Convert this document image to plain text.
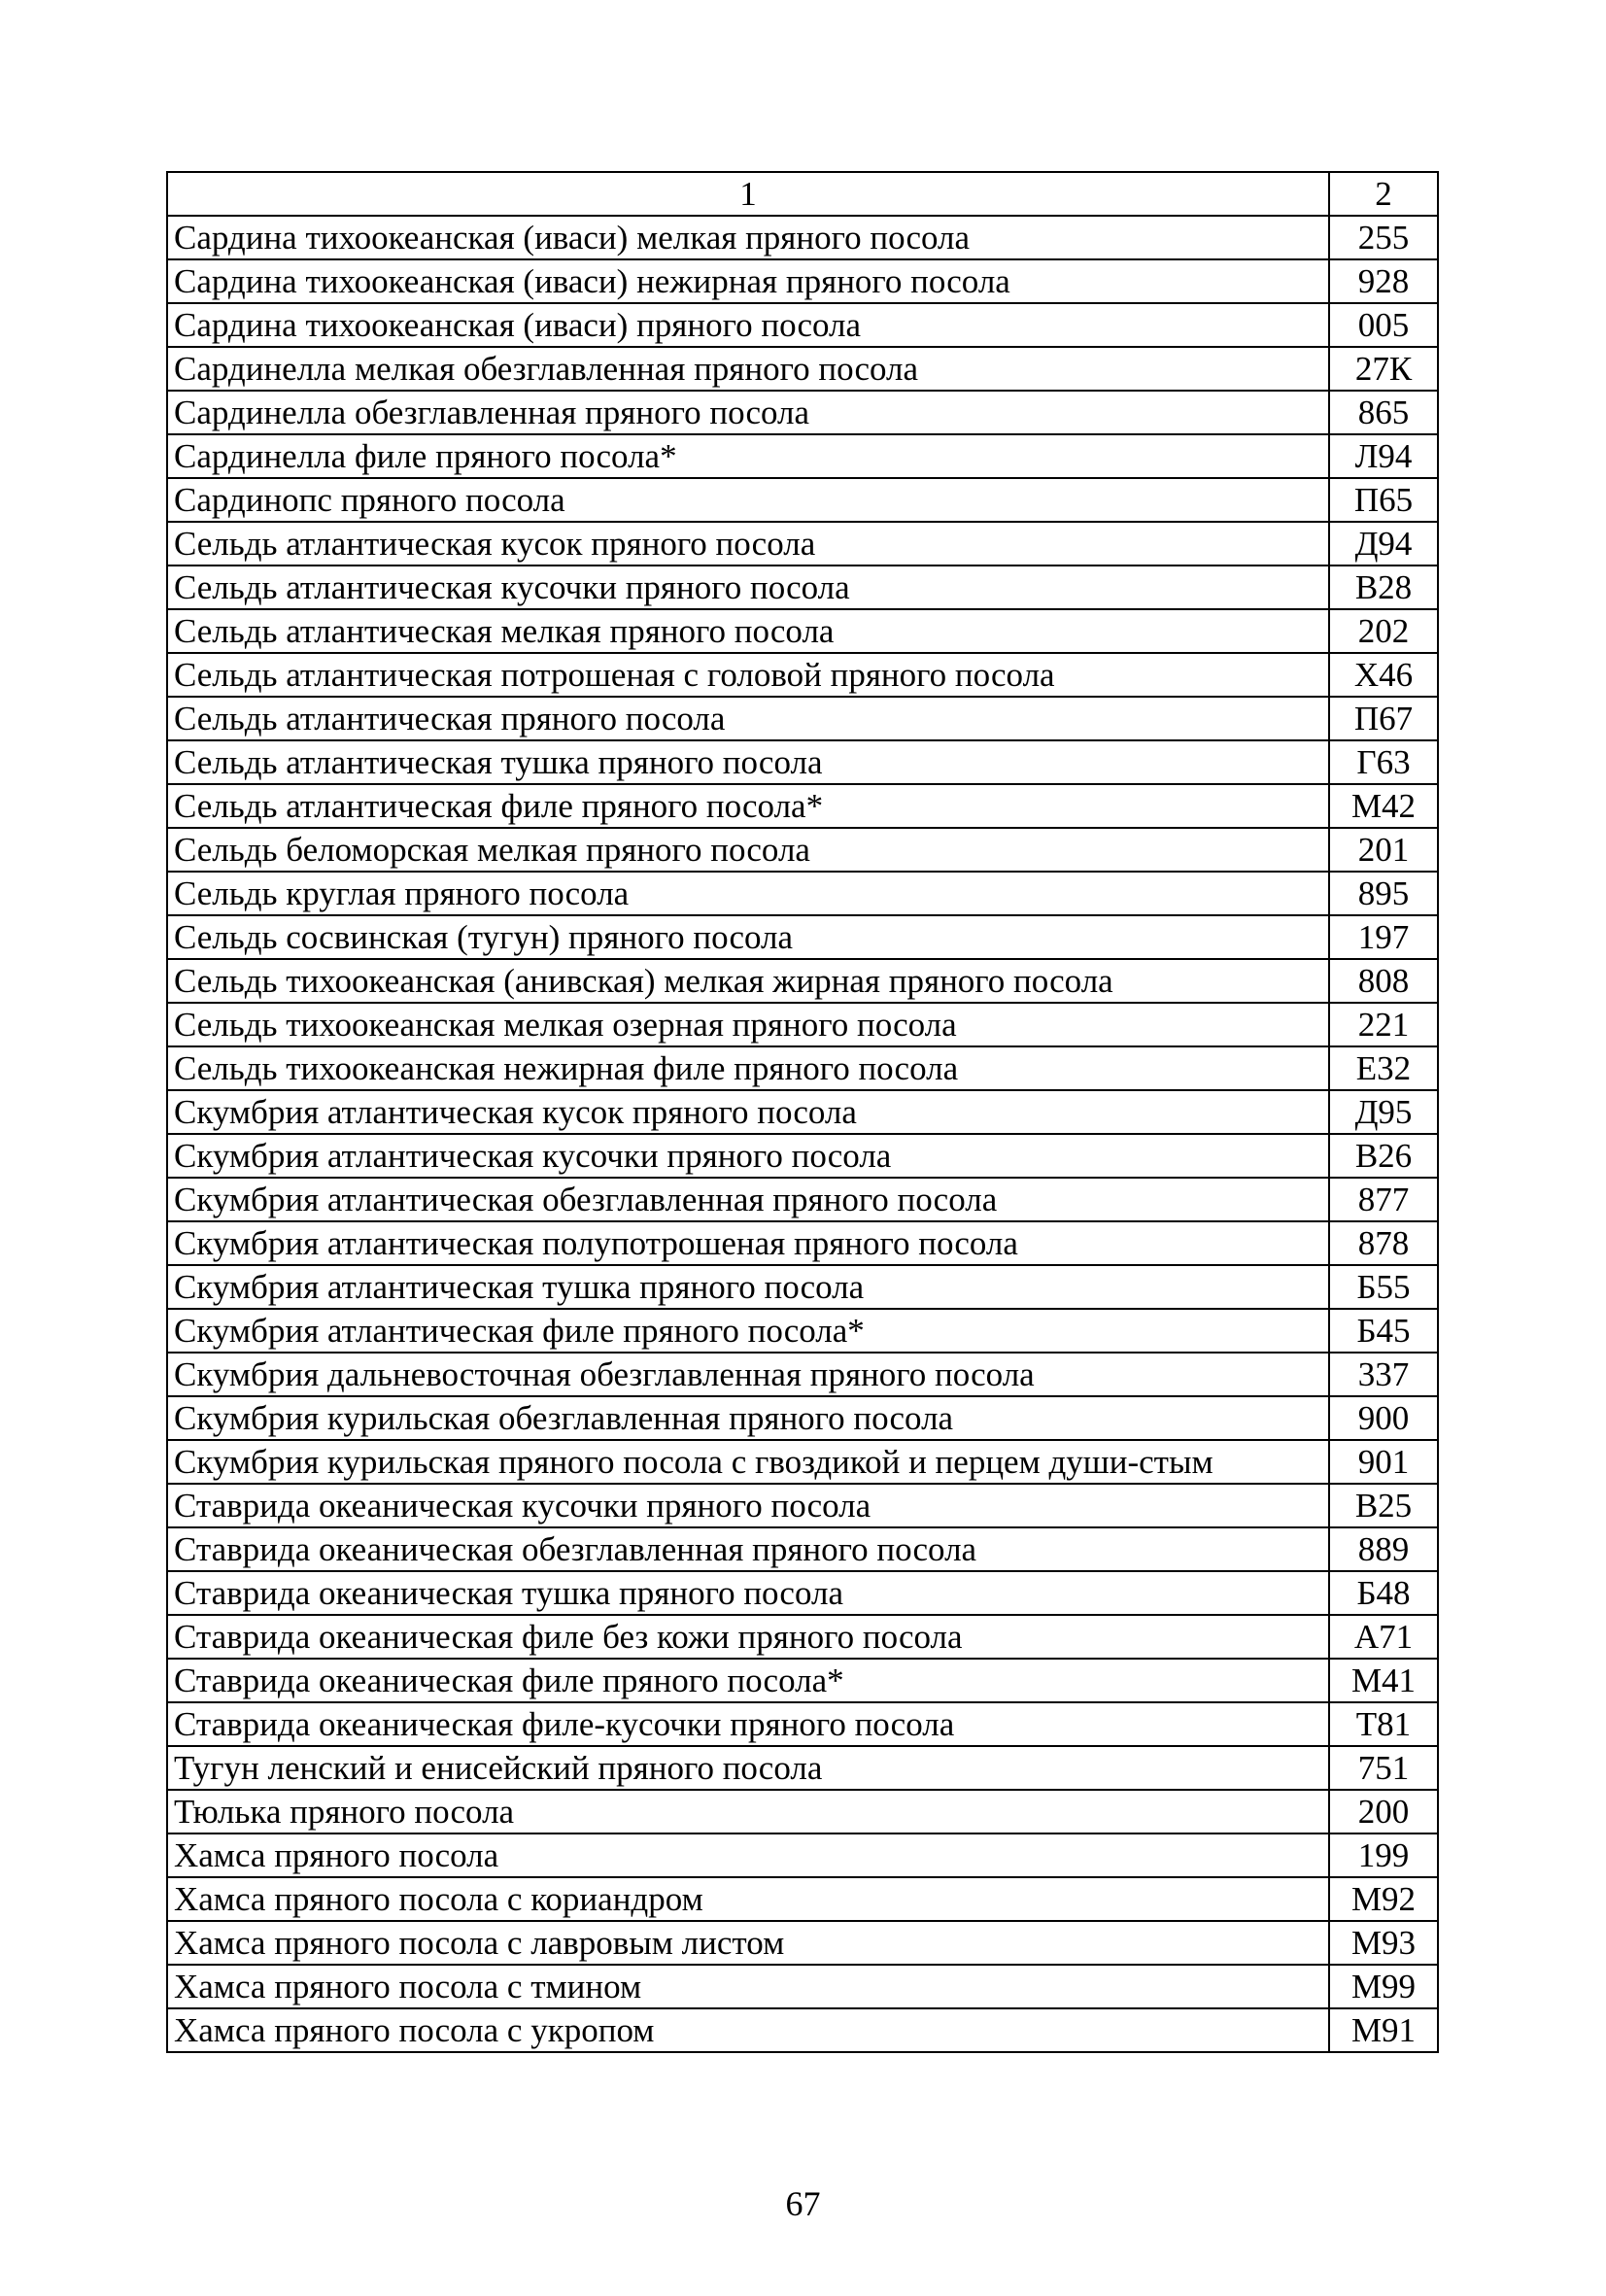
1	2
Сардина тихоокеанская (иваси) мелкая пряного посола	255
Сардина тихоокеанская (иваси) нежирная пряного посола	928
Сардина тихоокеанская (иваси) пряного посола	005
Сардинелла мелкая обезглавленная пряного посола	27К
Сардинелла обезглавленная пряного посола	865
Сардинелла филе пряного посола*	Л94
Сардинопс пряного посола	П65
Сельдь атлантическая кусок пряного посола	Д94
Сельдь атлантическая кусочки пряного посола	В28
Сельдь атлантическая мелкая пряного посола	202
Сельдь атлантическая потрошеная с головой пряного посола	Х46
Сельдь атлантическая пряного посола	П67
Сельдь атлантическая тушка пряного посола	Г63
Сельдь атлантическая филе пряного посола*	М42
Сельдь беломорская мелкая пряного посола	201
Сельдь круглая пряного посола	895
Сельдь сосвинская (тугун) пряного посола	197
Сельдь тихоокеанская (анивская) мелкая жирная пряного посола	808
Сельдь тихоокеанская мелкая озерная пряного посола	221
Сельдь тихоокеанская нежирная филе пряного посола	Е32
Скумбрия атлантическая кусок пряного посола	Д95
Скумбрия атлантическая кусочки пряного посола	В26
Скумбрия атлантическая обезглавленная пряного посола	877
Скумбрия атлантическая полупотрошеная пряного посола	878
Скумбрия атлантическая тушка пряного посола	Б55
Скумбрия атлантическая филе пряного посола*	Б45
Скумбрия дальневосточная обезглавленная пряного посола	337
Скумбрия курильская обезглавленная пряного посола	900
Скумбрия курильская пряного посола с гвоздикой и перцем души-стым	901
Ставрида океаническая кусочки пряного посола	В25
Ставрида океаническая обезглавленная пряного посола	889
Ставрида океаническая тушка пряного посола	Б48
Ставрида океаническая филе без кожи пряного посола	А71
Ставрида океаническая филе пряного посола*	М41
Ставрида океаническая филе-кусочки пряного посола	Т81
Тугун ленский и енисейский пряного посола	751
Тюлька пряного посола	200
Хамса пряного посола	199
Хамса пряного посола с кориандром	М92
Хамса пряного посола с лавровым листом	М93
Хамса пряного посола с тмином	М99
Хамса пряного посола с укропом	М91
67
